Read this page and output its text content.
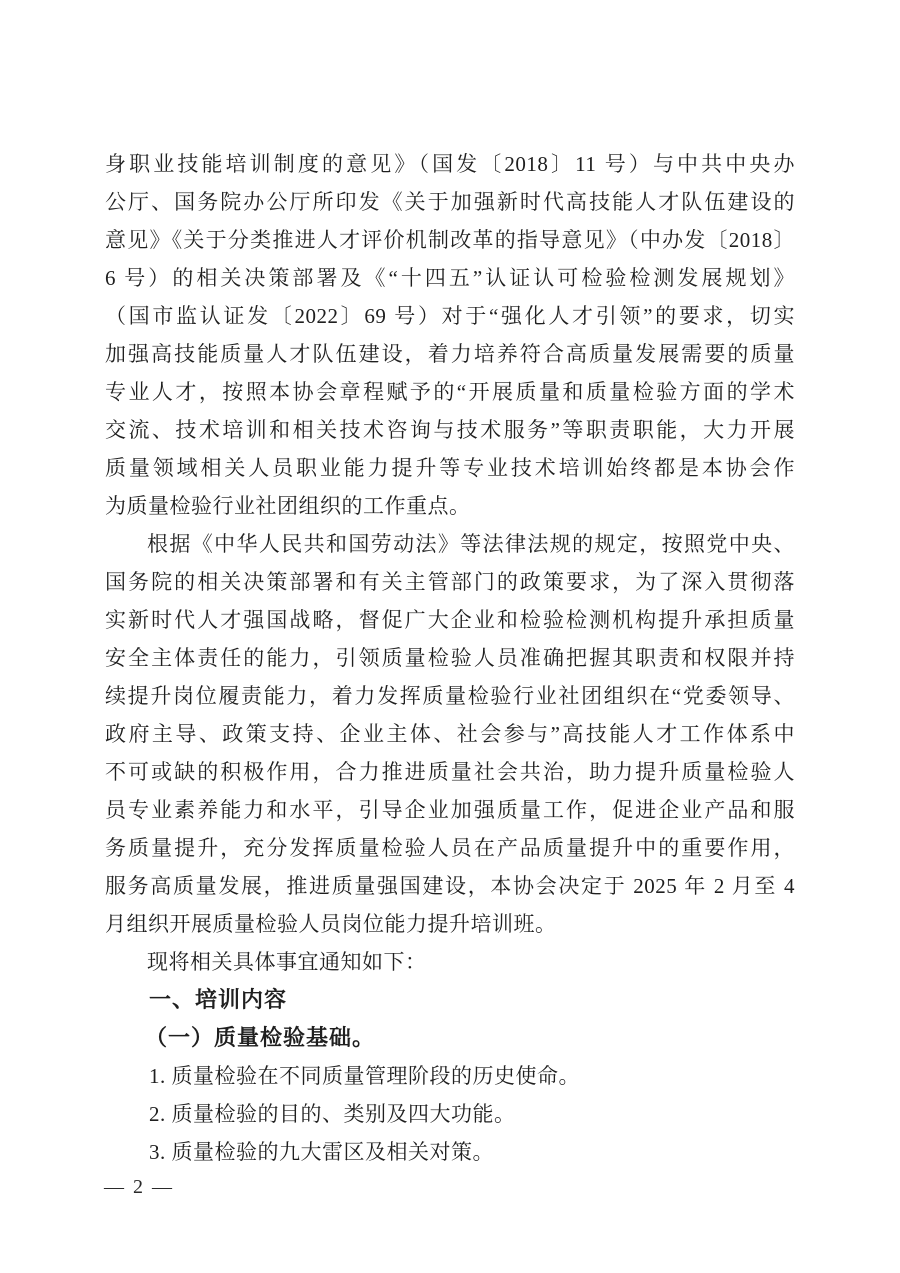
身职业技能培训制度的意见》（国发〔2018〕11 号）与中共中央办
公厅、国务院办公厅所印发《关于加强新时代高技能人才队伍建设的
意见》《关于分类推进人才评价机制改革的指导意见》（中办发〔2018〕
6 号）的相关决策部署及《“十四五”认证认可检验检测发展规划》
（国市监认证发〔2022〕69 号）对于“强化人才引领”的要求，切实
加强高技能质量人才队伍建设，着力培养符合高质量发展需要的质量
专业人才，按照本协会章程赋予的“开展质量和质量检验方面的学术
交流、技术培训和相关技术咨询与技术服务”等职责职能，大力开展
质量领域相关人员职业能力提升等专业技术培训始终都是本协会作
为质量检验行业社团组织的工作重点。
根据《中华人民共和国劳动法》等法律法规的规定，按照党中央、
国务院的相关决策部署和有关主管部门的政策要求，为了深入贯彻落
实新时代人才强国战略，督促广大企业和检验检测机构提升承担质量
安全主体责任的能力，引领质量检验人员准确把握其职责和权限并持
续提升岗位履责能力，着力发挥质量检验行业社团组织在“党委领导、
政府主导、政策支持、企业主体、社会参与”高技能人才工作体系中
不可或缺的积极作用，合力推进质量社会共治，助力提升质量检验人
员专业素养能力和水平，引导企业加强质量工作，促进企业产品和服
务质量提升，充分发挥质量检验人员在产品质量提升中的重要作用，
服务高质量发展，推进质量强国建设，本协会决定于 2025 年 2 月至 4
月组织开展质量检验人员岗位能力提升培训班。
现将相关具体事宜通知如下：
一、培训内容
（一）质量检验基础。
1. 质量检验在不同质量管理阶段的历史使命。
2. 质量检验的目的、类别及四大功能。
3. 质量检验的九大雷区及相关对策。
— 2 —
